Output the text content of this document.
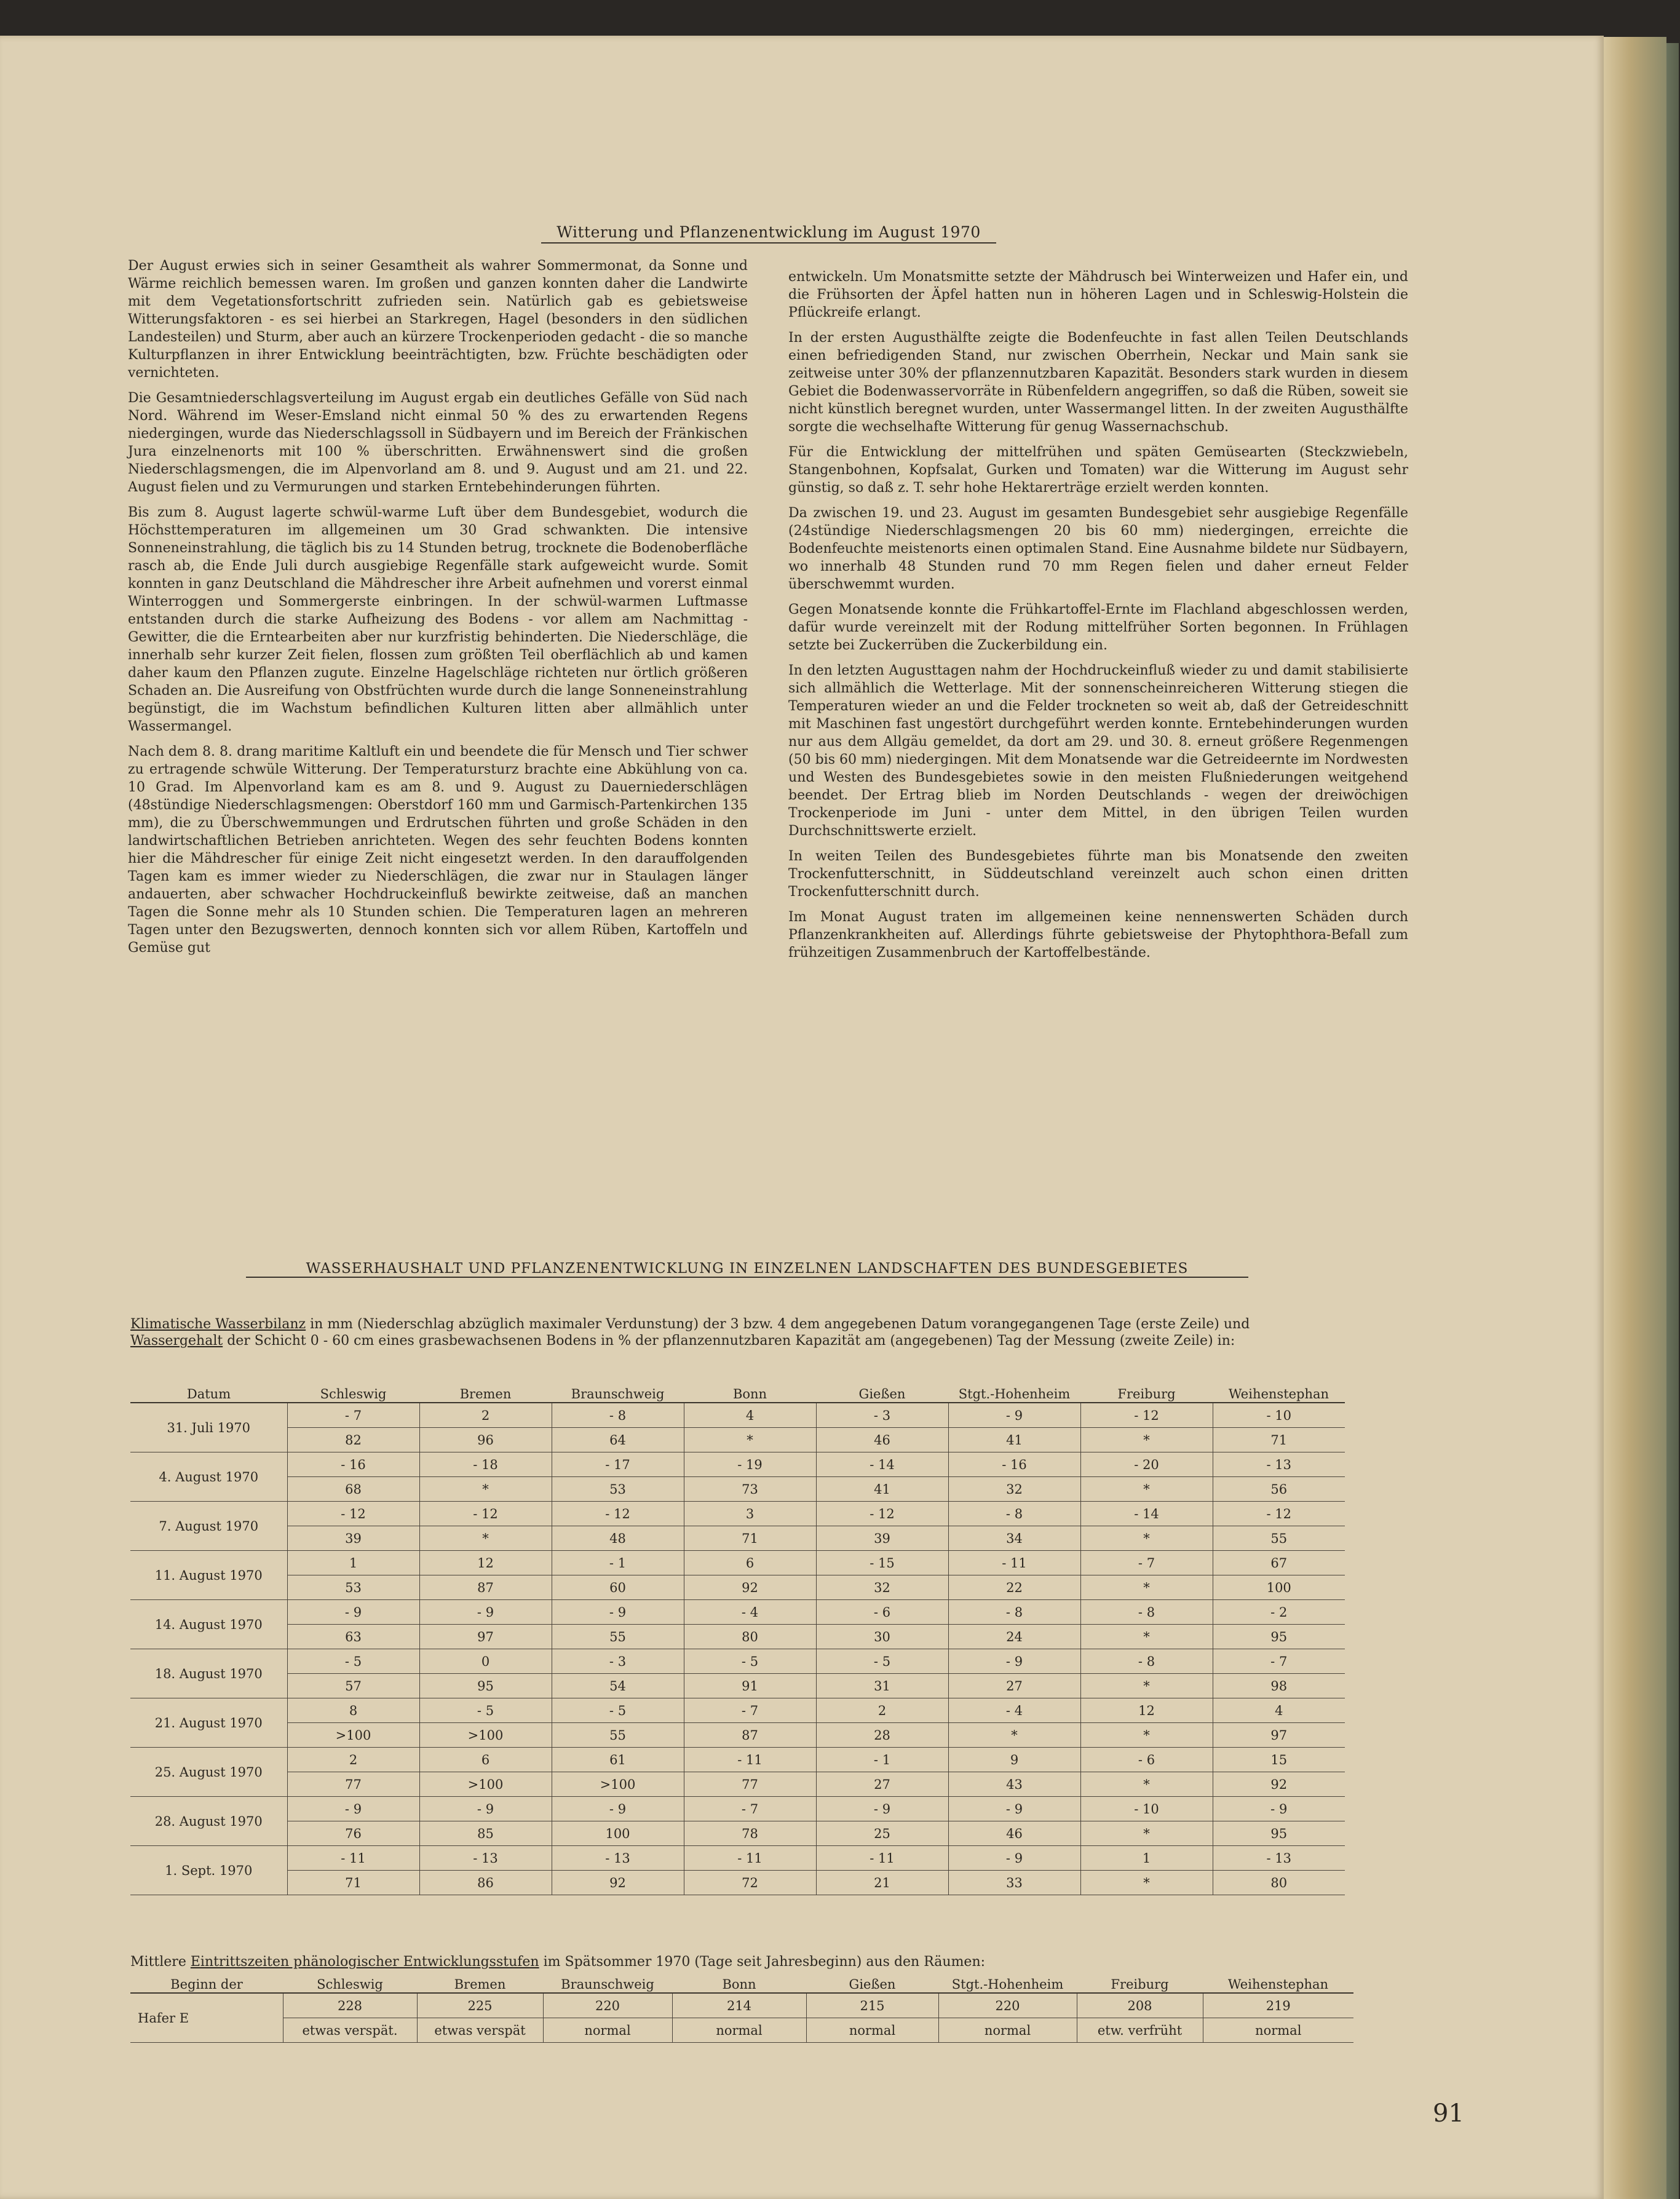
Witterung und Pflanzenentwicklung im August 1970

Der August erwies sich in seiner Gesamtheit als wahrer Sommermonat, da Sonne und Wärme reichlich bemessen waren. Im großen und ganzen konnten daher die Landwirte mit dem Vegetationsfortschritt zufrieden sein. Natürlich gab es gebietsweise Witterungsfaktoren - es sei hierbei an Starkregen, Hagel (besonders in den südlichen Landesteilen) und Sturm, aber auch an kürzere Trockenperioden gedacht - die so manche Kulturpflanzen in ihrer Entwicklung beeinträchtigten, bzw. Früchte beschädigten oder vernichteten.

Die Gesamtniederschlagsverteilung im August ergab ein deutliches Gefälle von Süd nach Nord. Während im Weser-Emsland nicht einmal 50 % des zu erwartenden Regens niedergingen, wurde das Niederschlagssoll in Südbayern und im Bereich der Fränkischen Jura einzelnenorts mit 100 % überschritten. Erwähnenswert sind die großen Niederschlagsmengen, die im Alpenvorland am 8. und 9. August und am 21. und 22. August fielen und zu Vermurungen und starken Erntebehinderungen führten.

Bis zum 8. August lagerte schwül-warme Luft über dem Bundesgebiet, wodurch die Höchsttemperaturen im allgemeinen um 30 Grad schwankten. Die intensive Sonneneinstrahlung, die täglich bis zu 14 Stunden betrug, trocknete die Bodenoberfläche rasch ab, die Ende Juli durch ausgiebige Regenfälle stark aufgeweicht wurde. Somit konnten in ganz Deutschland die Mähdrescher ihre Arbeit aufnehmen und vorerst einmal Winterroggen und Sommergerste einbringen. In der schwül-warmen Luftmasse entstanden durch die starke Aufheizung des Bodens - vor allem am Nachmittag - Gewitter, die die Erntearbeiten aber nur kurzfristig behinderten. Die Niederschläge, die innerhalb sehr kurzer Zeit fielen, flossen zum größten Teil oberflächlich ab und kamen daher kaum den Pflanzen zugute. Einzelne Hagelschläge richteten nur örtlich größeren Schaden an. Die Ausreifung von Obstfrüchten wurde durch die lange Sonneneinstrahlung begünstigt, die im Wachstum befindlichen Kulturen litten aber allmählich unter Wassermangel.

Nach dem 8. 8. drang maritime Kaltluft ein und beendete die für Mensch und Tier schwer zu ertragende schwüle Witterung. Der Temperatursturz brachte eine Abkühlung von ca. 10 Grad. Im Alpenvorland kam es am 8. und 9. August zu Dauerniederschlägen (48stündige Niederschlagsmengen: Oberstdorf 160 mm und Garmisch-Partenkirchen 135 mm), die zu Überschwemmungen und Erdrutschen führten und große Schäden in den landwirtschaftlichen Betrieben anrichteten. Wegen des sehr feuchten Bodens konnten hier die Mähdrescher für einige Zeit nicht eingesetzt werden. In den darauffolgenden Tagen kam es immer wieder zu Niederschlägen, die zwar nur in Staulagen länger andauerten, aber schwacher Hochdruckeinfluß bewirkte zeitweise, daß an manchen Tagen die Sonne mehr als 10 Stunden schien. Die Temperaturen lagen an mehreren Tagen unter den Bezugswerten, dennoch konnten sich vor allem Rüben, Kartoffeln und Gemüse gut

entwickeln. Um Monatsmitte setzte der Mähdrusch bei Winterweizen und Hafer ein, und die Frühsorten der Äpfel hatten nun in höheren Lagen und in Schleswig-Holstein die Pflückreife erlangt.

In der ersten Augusthälfte zeigte die Bodenfeuchte in fast allen Teilen Deutschlands einen befriedigenden Stand, nur zwischen Oberrhein, Neckar und Main sank sie zeitweise unter 30% der pflanzennutzbaren Kapazität. Besonders stark wurden in diesem Gebiet die Bodenwasservorräte in Rübenfeldern angegriffen, so daß die Rüben, soweit sie nicht künstlich beregnet wurden, unter Wassermangel litten. In der zweiten Augusthälfte sorgte die wechselhafte Witterung für genug Wassernachschub.

Für die Entwicklung der mittelfrühen und späten Gemüsearten (Steckzwiebeln, Stangenbohnen, Kopfsalat, Gurken und Tomaten) war die Witterung im August sehr günstig, so daß z. T. sehr hohe Hektarerträge erzielt werden konnten.

Da zwischen 19. und 23. August im gesamten Bundesgebiet sehr ausgiebige Regenfälle (24stündige Niederschlagsmengen 20 bis 60 mm) niedergingen, erreichte die Bodenfeuchte meistenorts einen optimalen Stand. Eine Ausnahme bildete nur Südbayern, wo innerhalb 48 Stunden rund 70 mm Regen fielen und daher erneut Felder überschwemmt wurden.

Gegen Monatsende konnte die Frühkartoffel-Ernte im Flachland abgeschlossen werden, dafür wurde vereinzelt mit der Rodung mittelfrüher Sorten begonnen. In Frühlagen setzte bei Zuckerrüben die Zuckerbildung ein.

In den letzten Augusttagen nahm der Hochdruckeinfluß wieder zu und damit stabilisierte sich allmählich die Wetterlage. Mit der sonnenscheinreicheren Witterung stiegen die Temperaturen wieder an und die Felder trockneten so weit ab, daß der Getreideschnitt mit Maschinen fast ungestört durchgeführt werden konnte. Erntebehinderungen wurden nur aus dem Allgäu gemeldet, da dort am 29. und 30. 8. erneut größere Regenmengen (50 bis 60 mm) niedergingen. Mit dem Monatsende war die Getreideernte im Nordwesten und Westen des Bundesgebietes sowie in den meisten Flußniederungen weitgehend beendet. Der Ertrag blieb im Norden Deutschlands - wegen der dreiwöchigen Trockenperiode im Juni - unter dem Mittel, in den übrigen Teilen wurden Durchschnittswerte erzielt.

In weiten Teilen des Bundesgebietes führte man bis Monatsende den zweiten Trockenfutterschnitt, in Süddeutschland vereinzelt auch schon einen dritten Trockenfutterschnitt durch.

Im Monat August traten im allgemeinen keine nennenswerten Schäden durch Pflanzenkrankheiten auf. Allerdings führte gebietsweise der Phytophthora-Befall zum frühzeitigen Zusammenbruch der Kartoffelbestände.

WASSERHAUSHALT UND PFLANZENENTWICKLUNG IN EINZELNEN LANDSCHAFTEN DES BUNDESGEBIETES
Klimatische Wasserbilanz in mm (Niederschlag abzüglich maximaler Verdunstung) der 3 bzw. 4 dem angegebenen Datum vorangegangenen Tage (erste Zeile) und Wassergehalt der Schicht 0 - 60 cm eines grasbewachsenen Bodens in % der pflanzennutzbaren Kapazität am (angegebenen) Tag der Messung (zweite Zeile) in:
Datum	Schleswig	Bremen	Braunschweig	Bonn	Gießen	Stgt.-Hohenheim	Freiburg	Weihenstephan
31. Juli 1970	- 7	2	- 8	4	- 3	- 9	- 12	- 10
	82	96	64	*	46	41	*	71
4. August 1970	- 16	- 18	- 17	- 19	- 14	- 16	- 20	- 13
	68	*	53	73	41	32	*	56
7. August 1970	- 12	- 12	- 12	3	- 12	- 8	- 14	- 12
	39	*	48	71	39	34	*	55
11. August 1970	1	12	- 1	6	- 15	- 11	- 7	67
	53	87	60	92	32	22	*	100
14. August 1970	- 9	- 9	- 9	- 4	- 6	- 8	- 8	- 2
	63	97	55	80	30	24	*	95
18. August 1970	- 5	0	- 3	- 5	- 5	- 9	- 8	- 7
	57	95	54	91	31	27	*	98
21. August 1970	8	- 5	- 5	- 7	2	- 4	12	4
	>100	>100	55	87	28	*	*	97
25. August 1970	2	6	61	- 11	- 1	9	- 6	15
	77	>100	>100	77	27	43	*	92
28. August 1970	- 9	- 9	- 9	- 7	- 9	- 9	- 10	- 9
	76	85	100	78	25	46	*	95
1. Sept. 1970	- 11	- 13	- 13	- 11	- 11	- 9	1	- 13
	71	86	92	72	21	33	*	80
Mittlere Eintrittszeiten phänologischer Entwicklungsstufen im Spätsommer 1970 (Tage seit Jahresbeginn) aus den Räumen:
Beginn der	Schleswig	Bremen	Braunschweig	Bonn	Gießen	Stgt.-Hohenheim	Freiburg	Weihenstephan
Hafer E	228	225	220	214	215	220	208	219
	etwas verspät.	etwas verspät	normal	normal	normal	normal	etw. verfrüht	normal
91
